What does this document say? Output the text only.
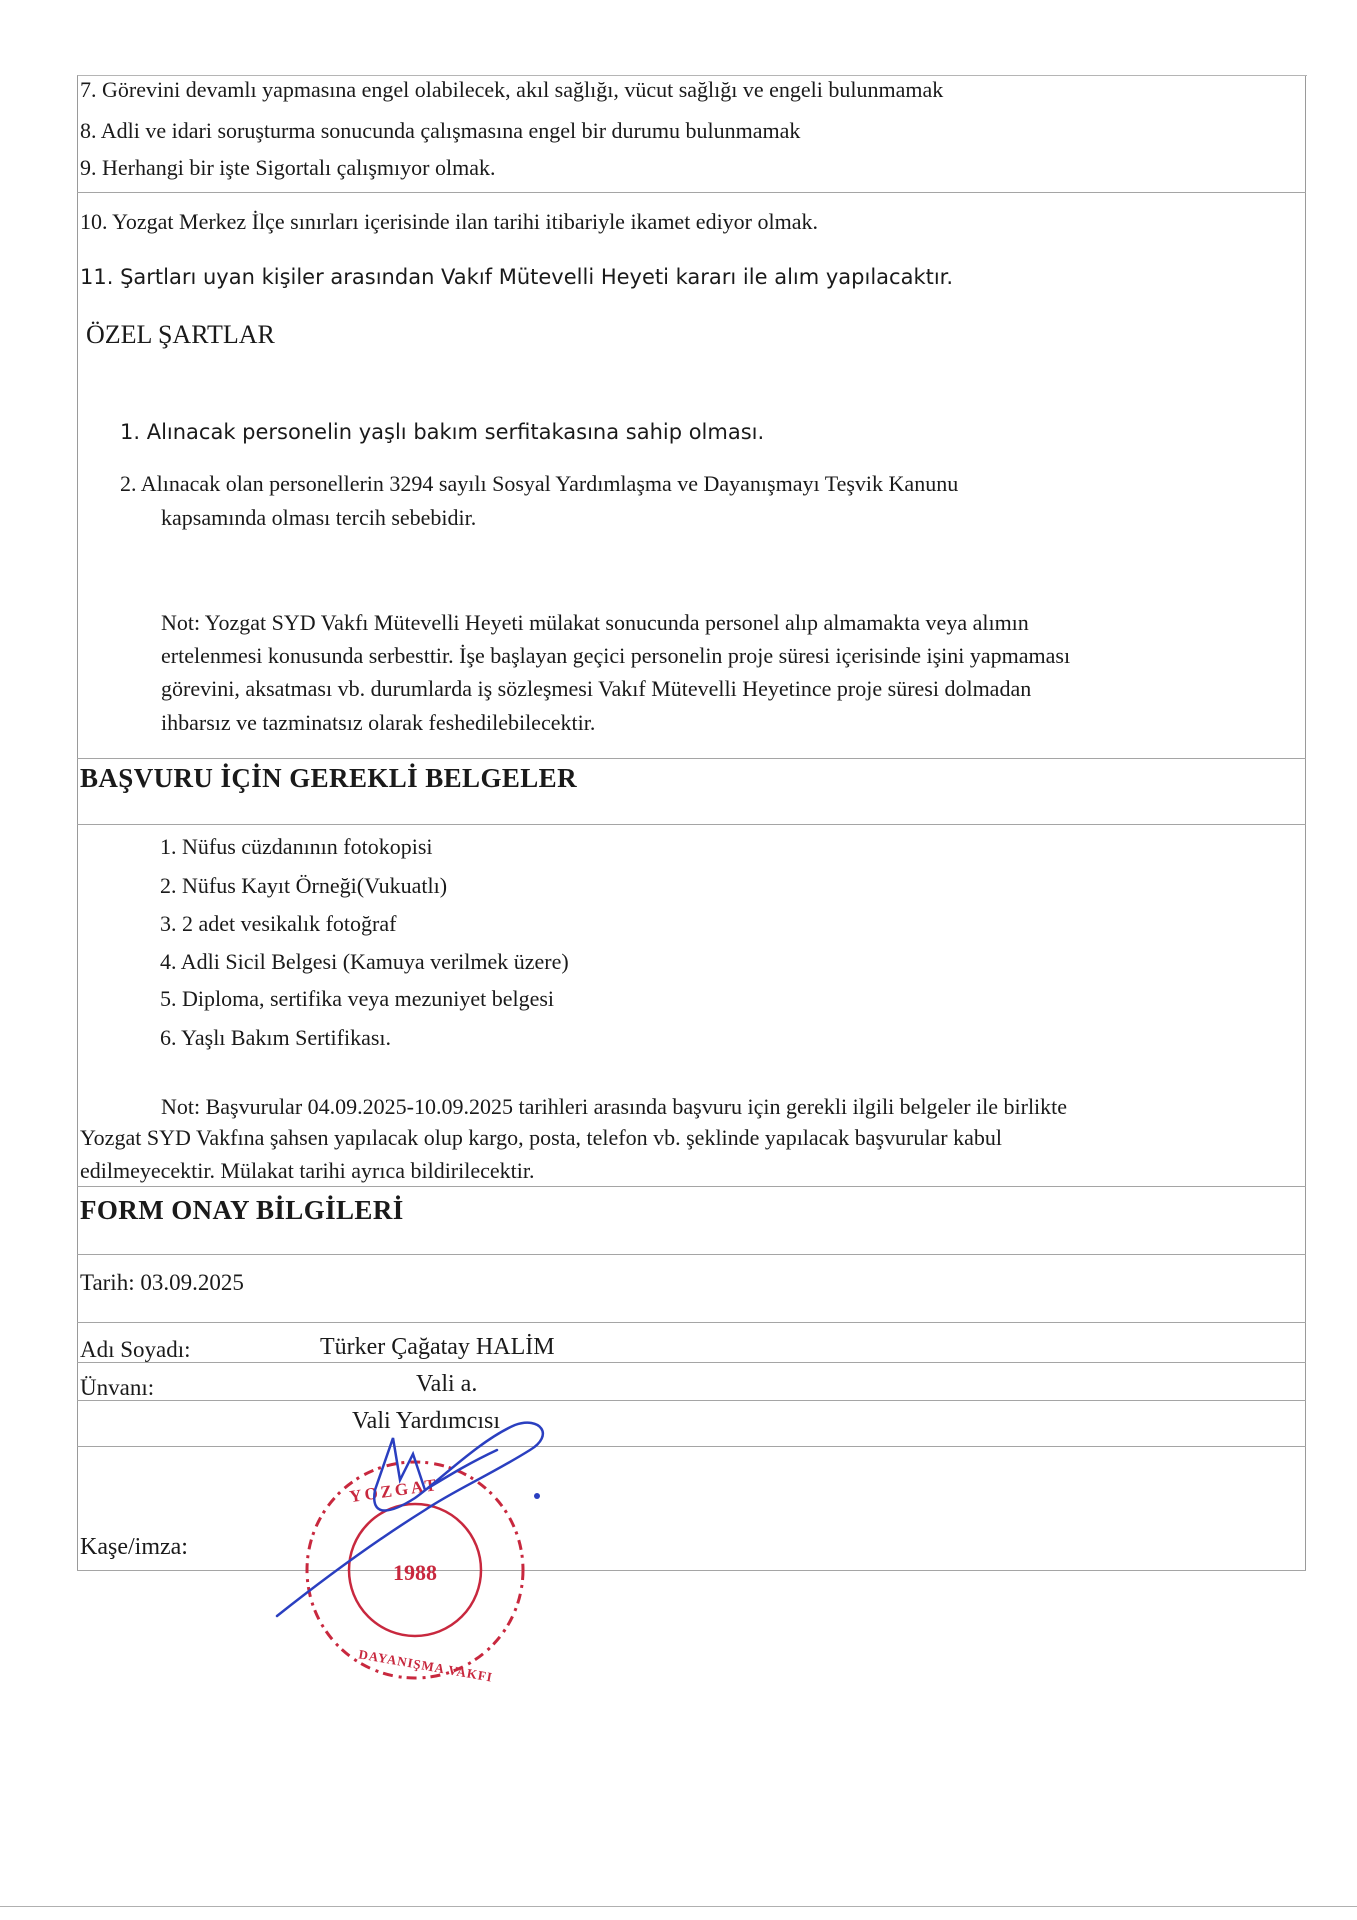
7. Görevini devamlı yapmasına engel olabilecek, akıl sağlığı, vücut sağlığı ve engeli bulunmamak
8. Adli ve idari soruşturma sonucunda çalışmasına engel bir durumu bulunmamak
9. Herhangi bir işte Sigortalı çalışmıyor olmak.
10. Yozgat Merkez İlçe sınırları içerisinde ilan tarihi itibariyle ikamet ediyor olmak.
11. Şartları uyan kişiler arasından Vakıf Mütevelli Heyeti kararı ile alım yapılacaktır.
ÖZEL ŞARTLAR
1. Alınacak personelin yaşlı bakım serfitakasına sahip olması.
2. Alınacak olan personellerin 3294 sayılı Sosyal Yardımlaşma ve Dayanışmayı Teşvik Kanunu
kapsamında olması tercih sebebidir.
Not: Yozgat SYD Vakfı Mütevelli Heyeti mülakat sonucunda personel alıp almamakta veya alımın
ertelenmesi konusunda serbesttir. İşe başlayan geçici personelin proje süresi içerisinde işini yapmaması
görevini, aksatması vb. durumlarda iş sözleşmesi Vakıf Mütevelli Heyetince proje süresi dolmadan
ihbarsız ve tazminatsız olarak feshedilebilecektir.
BAŞVURU İÇİN GEREKLİ BELGELER
1. Nüfus cüzdanının fotokopisi
2. Nüfus Kayıt Örneği(Vukuatlı)
3. 2 adet vesikalık fotoğraf
4. Adli Sicil Belgesi (Kamuya verilmek üzere)
5. Diploma, sertifika veya mezuniyet belgesi
6. Yaşlı Bakım Sertifikası.
Not: Başvurular 04.09.2025-10.09.2025 tarihleri arasında başvuru için gerekli ilgili belgeler ile birlikte
Yozgat SYD Vakfına şahsen yapılacak olup kargo, posta, telefon vb. şeklinde yapılacak başvurular kabul
edilmeyecektir. Mülakat tarihi ayrıca bildirilecektir.
FORM ONAY BİLGİLERİ
Tarih: 03.09.2025
Adı Soyadı:	Türker Çağatay HALİM
Ünvanı:	Vali a.
Vali Yardımcısı
Kaşe/imza:
1988
YOZGAT
DAYANIŞMA VAKFI
